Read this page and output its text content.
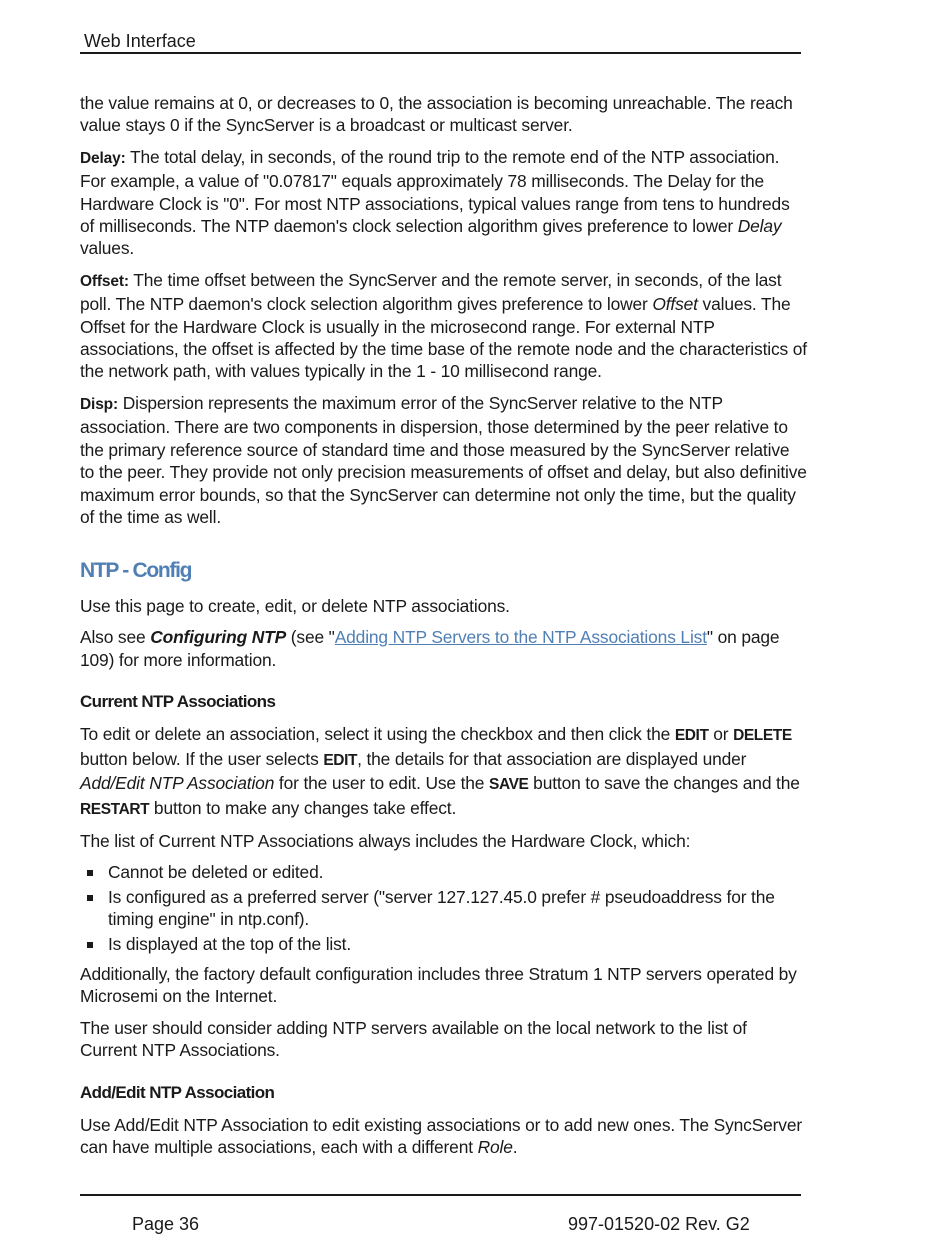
Web Interface

the value remains at 0, or decreases to 0, the association is becoming unreachable. The reach value stays 0 if the SyncServer is a broadcast or multicast server.

Delay: The total delay, in seconds, of the round trip to the remote end of the NTP association. For example, a value of "0.07817" equals approximately 78 milliseconds. The Delay for the Hardware Clock is "0". For most NTP associations, typical values range from tens to hundreds of milliseconds. The NTP daemon's clock selection algorithm gives preference to lower Delay values.

Offset: The time offset between the SyncServer and the remote server, in seconds, of the last poll. The NTP daemon's clock selection algorithm gives preference to lower Offset values. The Offset for the Hardware Clock is usually in the microsecond range. For external NTP associations, the offset is affected by the time base of the remote node and the characteristics of the network path, with values typically in the 1 - 10 millisecond range.

Disp: Dispersion represents the maximum error of the SyncServer relative to the NTP association. There are two components in dispersion, those determined by the peer relative to the primary reference source of standard time and those measured by the SyncServer relative to the peer. They provide not only precision measurements of offset and delay, but also definitive maximum error bounds, so that the SyncServer can determine not only the time, but the quality of the time as well.

NTP - Config

Use this page to create, edit, or delete NTP associations.

Also see Configuring NTP (see "Adding NTP Servers to the NTP Associations List" on page 109) for more information.

Current NTP Associations

To edit or delete an association, select it using the checkbox and then click the EDIT or DELETE button below. If the user selects EDIT, the details for that association are displayed under Add/Edit NTP Association for the user to edit. Use the SAVE button to save the changes and the RESTART button to make any changes take effect.

The list of Current NTP Associations always includes the Hardware Clock, which:

Cannot be deleted or edited.
Is configured as a preferred server ("server 127.127.45.0 prefer # pseudoaddress for the timing engine" in ntp.conf).
Is displayed at the top of the list.

Additionally, the factory default configuration includes three Stratum 1 NTP servers operated by Microsemi on the Internet.

The user should consider adding NTP servers available on the local network to the list of Current NTP Associations.

Add/Edit NTP Association

Use Add/Edit NTP Association to edit existing associations or to add new ones. The SyncServer can have multiple associations, each with a different Role.

Page 36	997-01520-02 Rev. G2
